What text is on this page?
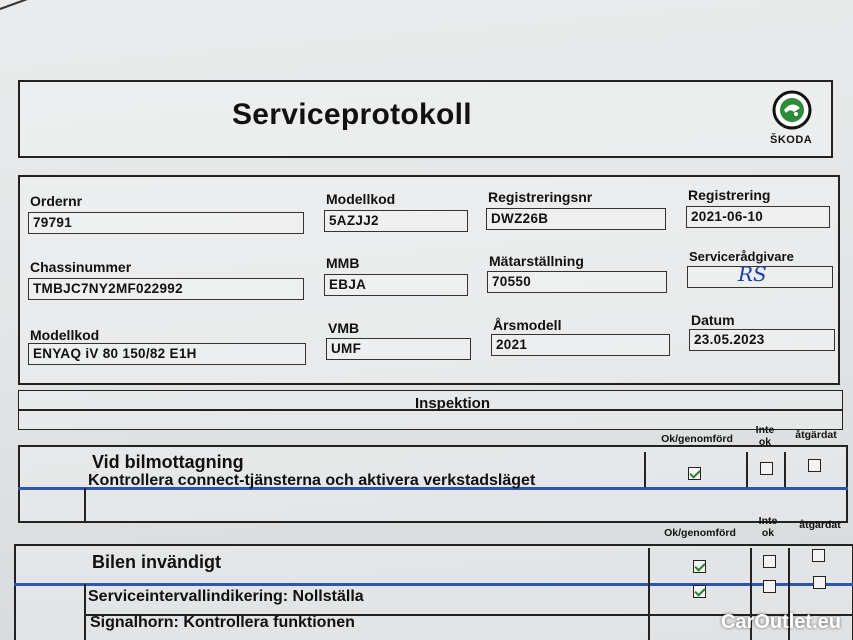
Serviceprotokoll
ŠKODA
Ordernr
79791
Modellkod
5AZJJ2
Registreringsnr
DWZ26B
Registrering
2021-06-10
Chassinummer
TMBJC7NY2MF022992
MMB
EBJA
Mätarställning
70550
Servicerådgivare
RS
Modellkod
ENYAQ iV 80 150/82 E1H
VMB
UMF
Årsmodell
2021
Datum
23.05.2023
Inspektion
Ok/genomförd
Inte ok
åtgärdat
Vid bilmottagning
Kontrollera connect-tjänsterna och aktivera verkstadsläget
Ok/genomförd
Inte ok
åtgärdat
Bilen invändigt
Serviceintervallindikering: Nollställa
Signalhorn: Kontrollera funktionen	CarOutlet.eu
